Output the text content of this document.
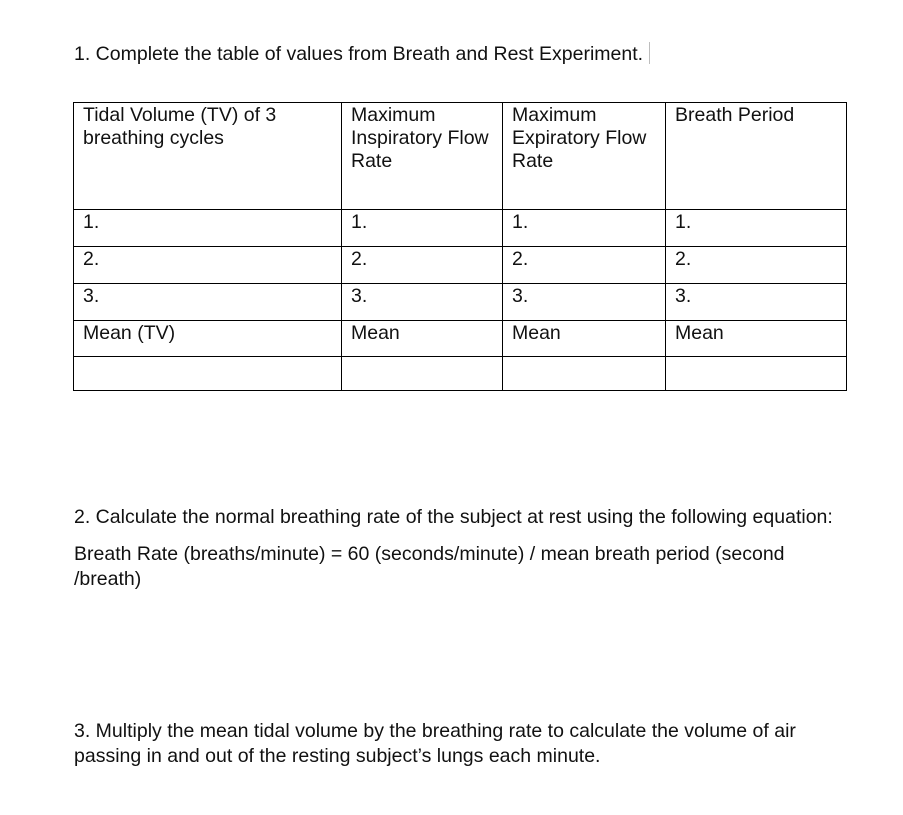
1. Complete the table of values from Breath and Rest Experiment.

Tidal Volume (TV) of 3 breathing cycles	Maximum Inspiratory Flow Rate	Maximum Expiratory Flow Rate	Breath Period

1.	1.	1.	1.

2.	2.	2.	2.

3.	3.	3.	3.

Mean (TV)	Mean	Mean	Mean

2. Calculate the normal breathing rate of the subject at rest using the following equation:

Breath Rate (breaths/minute) = 60 (seconds/minute) / mean breath period (second /breath)

3. Multiply the mean tidal volume by the breathing rate to calculate the volume of air passing in and out of the resting subject’s lungs each minute.
